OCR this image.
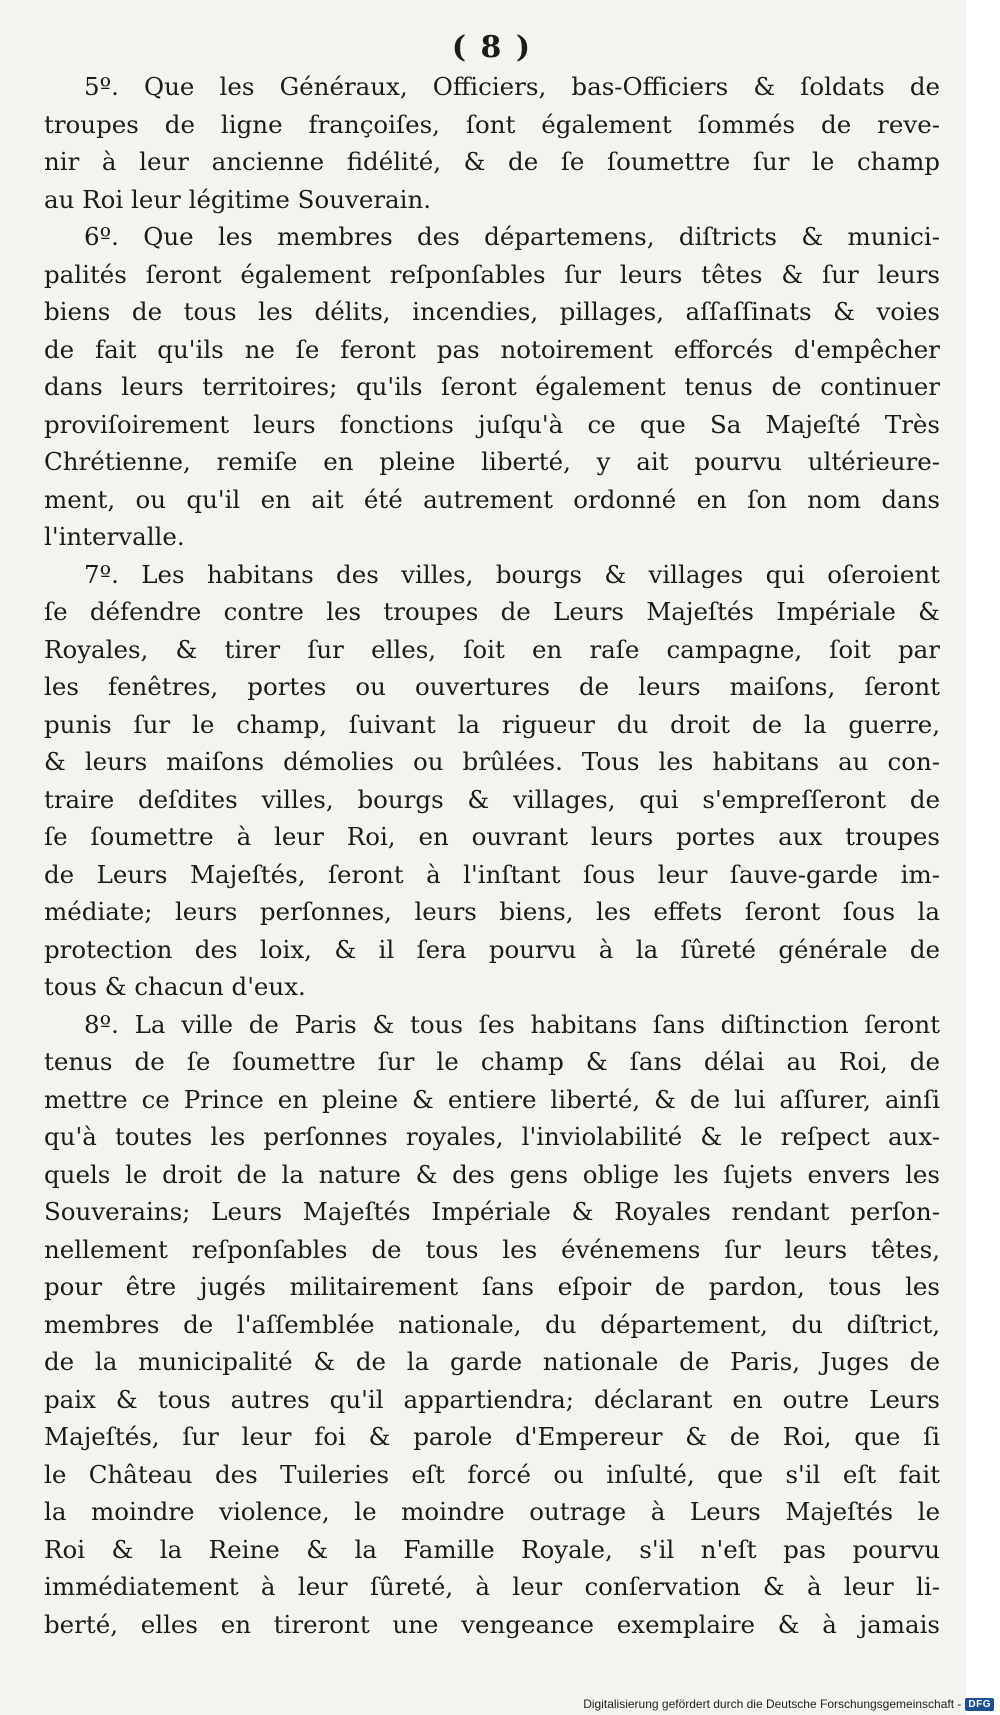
( 8 )
5º. Que les Généraux, Officiers, bas-Officiers & ſoldats de
troupes de ligne françoiſes, ſont également ſommés de reve-
nir à leur ancienne fidélité, & de ſe ſoumettre ſur le champ
au Roi leur légitime Souverain.
6º. Que les membres des départemens, diſtricts & munici-
palités ſeront également reſponſables ſur leurs têtes & ſur leurs
biens de tous les délits, incendies, pillages, aſſaſſinats & voies
de fait qu'ils ne ſe feront pas notoirement efforcés d'empêcher
dans leurs territoires; qu'ils ſeront également tenus de continuer
proviſoirement leurs fonctions juſqu'à ce que Sa Majeſté Très
Chrétienne, remiſe en pleine liberté, y ait pourvu ultérieure-
ment, ou qu'il en ait été autrement ordonné en ſon nom dans
l'intervalle.
7º. Les habitans des villes, bourgs & villages qui oſeroient
ſe défendre contre les troupes de Leurs Majeſtés Impériale &
Royales, & tirer ſur elles, ſoit en raſe campagne, ſoit par
les fenêtres, portes ou ouvertures de leurs maiſons, ſeront
punis ſur le champ, ſuivant la rigueur du droit de la guerre,
& leurs maiſons démolies ou brûlées. Tous les habitans au con-
traire deſdites villes, bourgs & villages, qui s'empreſſeront de
ſe ſoumettre à leur Roi, en ouvrant leurs portes aux troupes
de Leurs Majeſtés, ſeront à l'inſtant ſous leur ſauve-garde im-
médiate; leurs perſonnes, leurs biens, les effets ſeront ſous la
protection des loix, & il ſera pourvu à la ſûreté générale de
tous & chacun d'eux.
8º. La ville de Paris & tous ſes habitans ſans diſtinction ſeront
tenus de ſe ſoumettre ſur le champ & ſans délai au Roi, de
mettre ce Prince en pleine & entiere liberté, & de lui aſſurer, ainſi
qu'à toutes les perſonnes royales, l'inviolabilité & le reſpect aux-
quels le droit de la nature & des gens oblige les ſujets envers les
Souverains; Leurs Majeſtés Impériale & Royales rendant perſon-
nellement reſponſables de tous les événemens ſur leurs têtes,
pour être jugés militairement ſans eſpoir de pardon, tous les
membres de l'aſſemblée nationale, du département, du diſtrict,
de la municipalité & de la garde nationale de Paris, Juges de
paix & tous autres qu'il appartiendra; déclarant en outre Leurs
Majeſtés, ſur leur foi & parole d'Empereur & de Roi, que ſi
le Château des Tuileries eſt forcé ou inſulté, que s'il eſt fait
la moindre violence, le moindre outrage à Leurs Majeſtés le
Roi & la Reine & la Famille Royale, s'il n'eſt pas pourvu
immédiatement à leur ſûreté, à leur conſervation & à leur li-
berté, elles en tireront une vengeance exemplaire & à jamais
Digitalisierung gefördert durch die Deutsche Forschungsgemeinschaft - DFG
